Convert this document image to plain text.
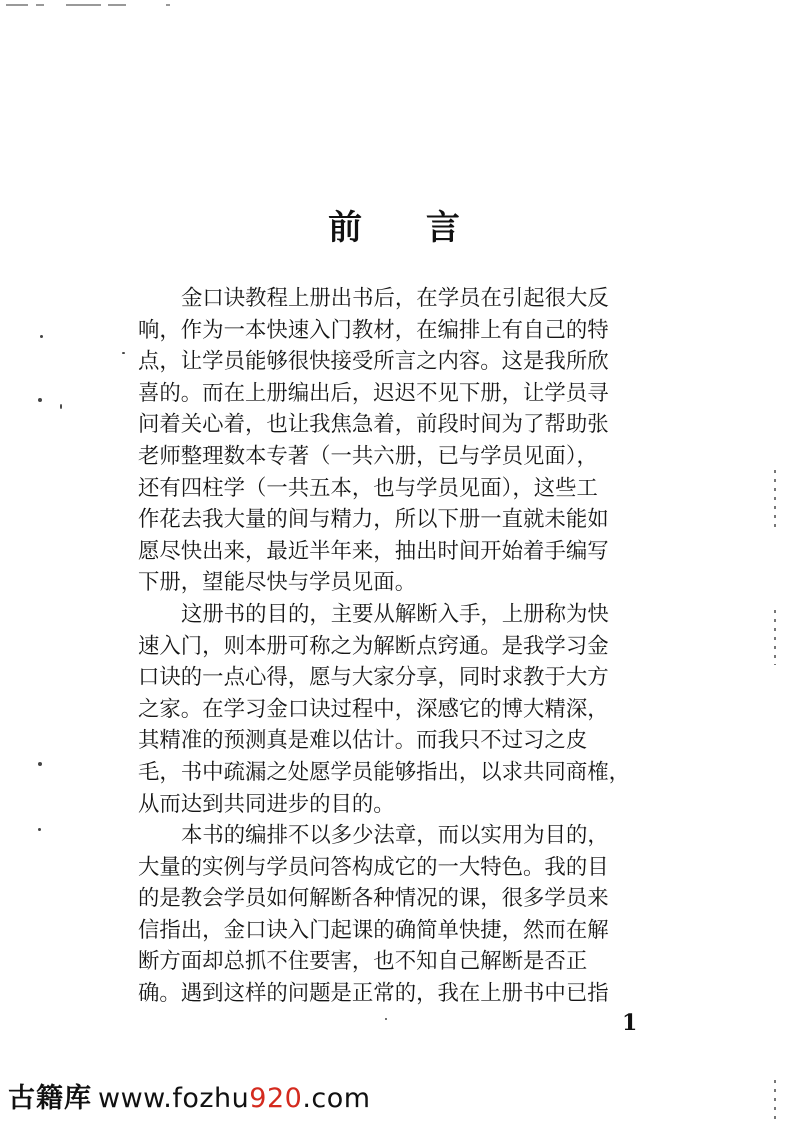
前 言
金口诀教程上册出书后，在学员在引起很大反
响，作为一本快速入门教材，在编排上有自己的特
点，让学员能够很快接受所言之内容。这是我所欣
喜的。而在上册编出后，迟迟不见下册，让学员寻
问着关心着，也让我焦急着，前段时间为了帮助张
老师整理数本专著（一共六册，已与学员见面），
还有四柱学（一共五本，也与学员见面），这些工
作花去我大量的间与精力，所以下册一直就未能如
愿尽快出来，最近半年来，抽出时间开始着手编写
下册，望能尽快与学员见面。
这册书的目的，主要从解断入手，上册称为快
速入门，则本册可称之为解断点窍通。是我学习金
口诀的一点心得，愿与大家分享，同时求教于大方
之家。在学习金口诀过程中，深感它的博大精深，
其精准的预测真是难以估计。而我只不过习之皮
毛，书中疏漏之处愿学员能够指出，以求共同商榷，
从而达到共同进步的目的。
本书的编排不以多少法章，而以实用为目的，
大量的实例与学员问答构成它的一大特色。我的目
的是教会学员如何解断各种情况的课，很多学员来
信指出，金口诀入门起课的确简单快捷，然而在解
断方面却总抓不住要害，也不知自己解断是否正
确。遇到这样的问题是正常的，我在上册书中已指
1
古籍库 www.fozhu920.com
